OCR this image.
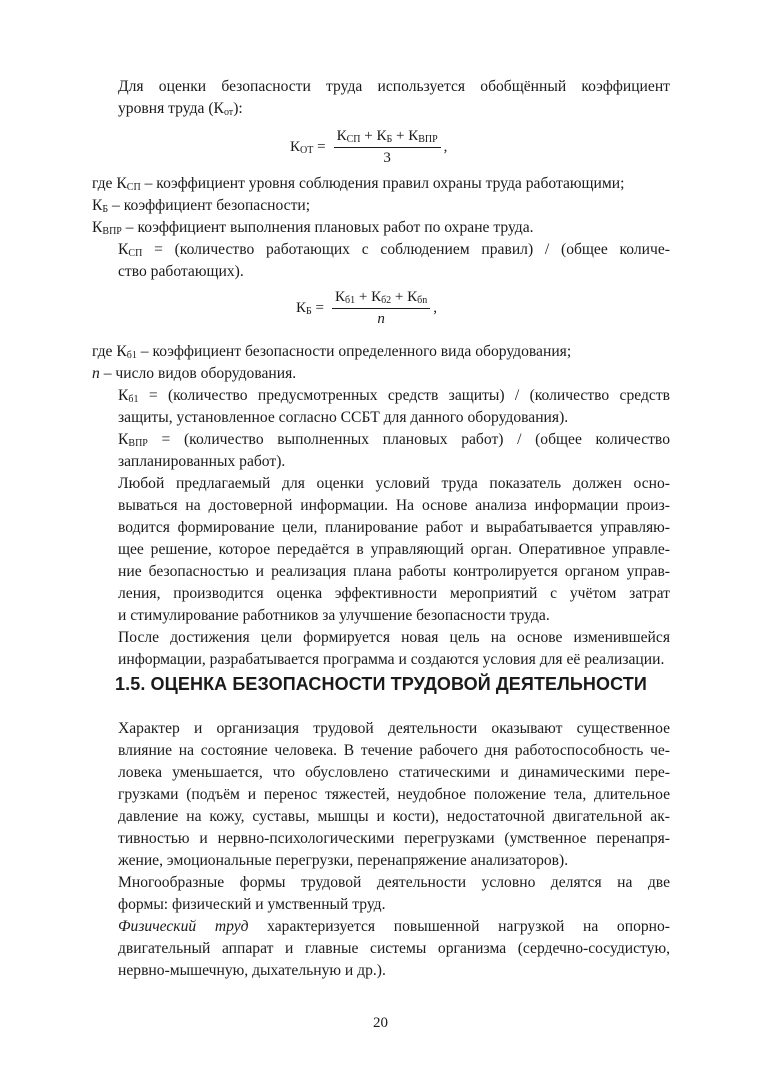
Для оценки безопасности труда используется обобщённый коэффициент
уровня труда $(К_{от})$:

$К_{ОТ} = \frac{К_{СП} + К_Б + К_{ВПР}}{3}$ ,

где $К_{СП}$ – коэффициент уровня соблюдения правил охраны труда работающими;
$К_Б$ – коэффициент безопасности;
$К_{ВПР}$ – коэффициент выполнения плановых работ по охране труда.

$К_{СП}$ = (количество работающих с соблюдением правил) / (общее количе-
ство работающих).

$К_Б = \frac{К_{б1} + К_{б2} + К_{бn}}{n}$ ,

где $К_{б1}$ – коэффициент безопасности определенного вида оборудования;
n – число видов оборудования.

$К_{б1}$ = (количество предусмотренных средств защиты) / (количество средств
защиты, установленное согласно ССБТ для данного оборудования).

$К_{ВПР}$ = (количество выполненных плановых работ) / (общее количество
запланированных работ).

Любой предлагаемый для оценки условий труда показатель должен осно-
вываться на достоверной информации. На основе анализа информации произ-
водится формирование цели, планирование работ и вырабатывается управляю-
щее решение, которое передаётся в управляющий орган. Оперативное управле-
ние безопасностью и реализация плана работы контролируется органом управ-
ления, производится оценка эффективности мероприятий с учётом затрат
и стимулирование работников за улучшение безопасности труда.

После достижения цели формируется новая цель на основе изменившейся
информации, разрабатывается программа и создаются условия для её реализации.

1.5. ОЦЕНКА БЕЗОПАСНОСТИ ТРУДОВОЙ ДЕЯТЕЛЬНОСТИ

Характер и организация трудовой деятельности оказывают существенное
влияние на состояние человека. В течение рабочего дня работоспособность че-
ловека уменьшается, что обусловлено статическими и динамическими пере-
грузками (подъём и перенос тяжестей, неудобное положение тела, длительное
давление на кожу, суставы, мышцы и кости), недостаточной двигательной ак-
тивностью и нервно-психологическими перегрузками (умственное перенапря-
жение, эмоциональные перегрузки, перенапряжение анализаторов).

Многообразные формы трудовой деятельности условно делятся на две
формы: физический и умственный труд.

Физический труд характеризуется повышенной нагрузкой на опорно-
двигательный аппарат и главные системы организма (сердечно-сосудистую,
нервно-мышечную, дыхательную и др.).

20
